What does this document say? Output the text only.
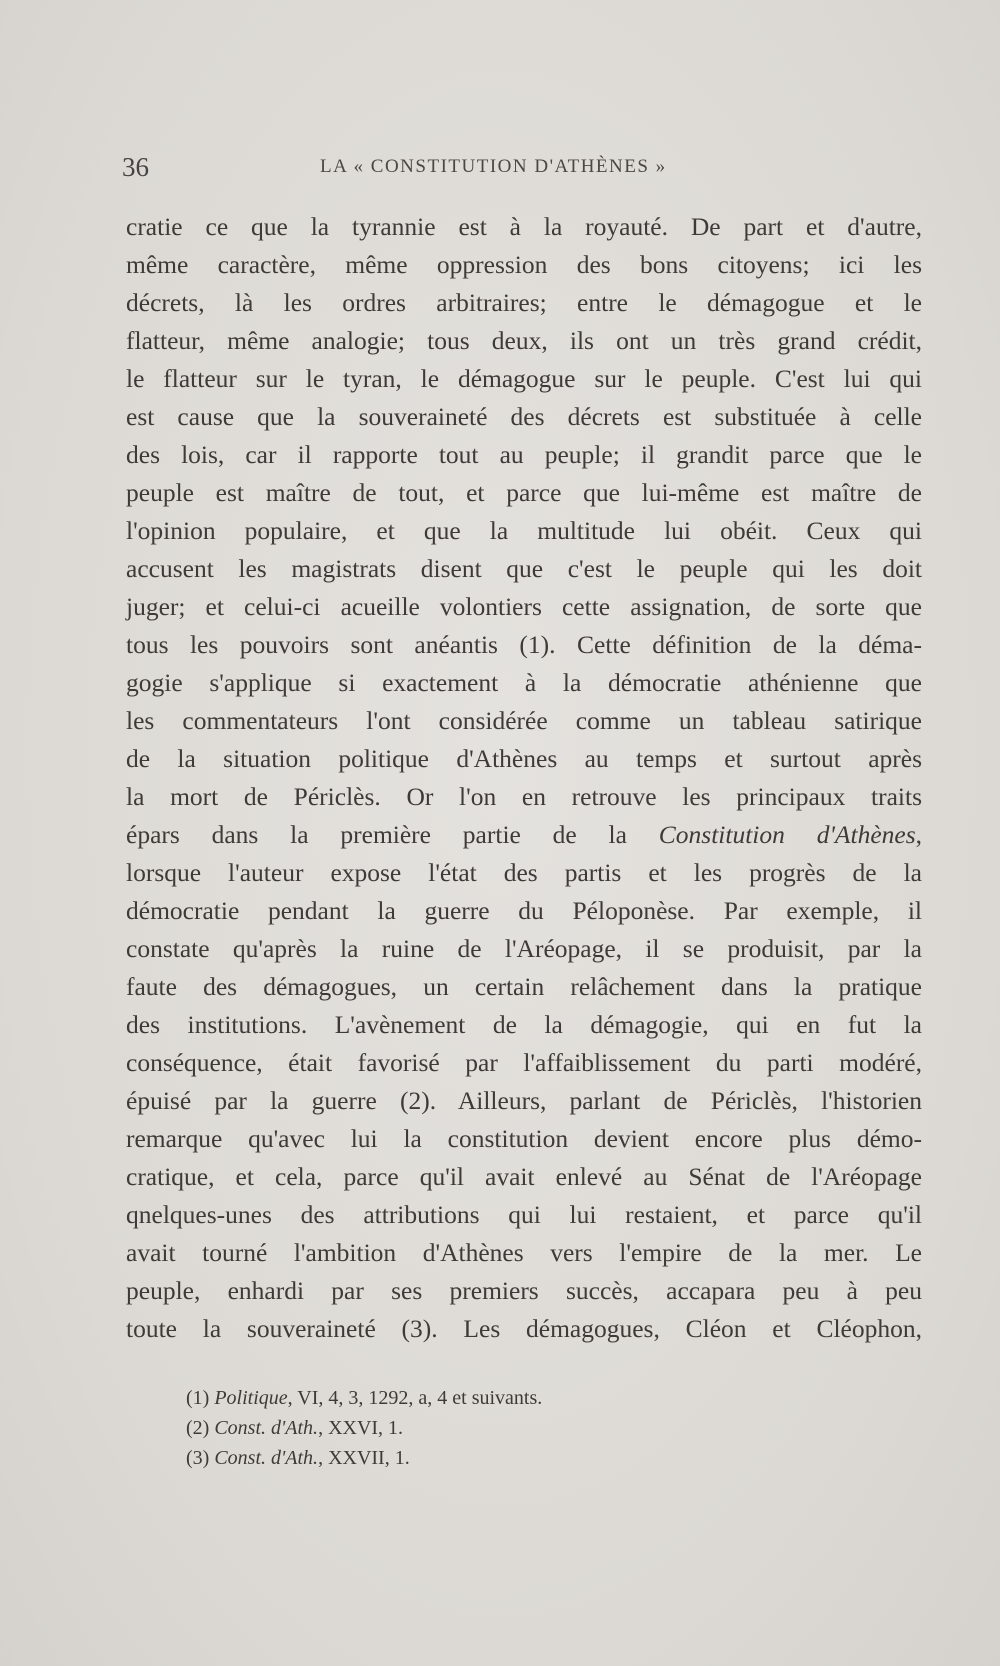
36	LA « CONSTITUTION D'ATHÈNES »
cratie ce que la tyrannie est à la royauté. De part et d'autre,
même caractère, même oppression des bons citoyens; ici les
décrets, là les ordres arbitraires; entre le démagogue et le
flatteur, même analogie; tous deux, ils ont un très grand crédit,
le flatteur sur le tyran, le démagogue sur le peuple. C'est lui qui
est cause que la souveraineté des décrets est substituée à celle
des lois, car il rapporte tout au peuple; il grandit parce que le
peuple est maître de tout, et parce que lui-même est maître de
l'opinion populaire, et que la multitude lui obéit. Ceux qui
accusent les magistrats disent que c'est le peuple qui les doit
juger; et celui-ci acueille volontiers cette assignation, de sorte que
tous les pouvoirs sont anéantis (1). Cette définition de la déma-
gogie s'applique si exactement à la démocratie athénienne que
les commentateurs l'ont considérée comme un tableau satirique
de la situation politique d'Athènes au temps et surtout après
la mort de Périclès. Or l'on en retrouve les principaux traits
épars dans la première partie de la Constitution d'Athènes,
lorsque l'auteur expose l'état des partis et les progrès de la
démocratie pendant la guerre du Péloponèse. Par exemple, il
constate qu'après la ruine de l'Aréopage, il se produisit, par la
faute des démagogues, un certain relâchement dans la pratique
des institutions. L'avènement de la démagogie, qui en fut la
conséquence, était favorisé par l'affaiblissement du parti modéré,
épuisé par la guerre (2). Ailleurs, parlant de Périclès, l'historien
remarque qu'avec lui la constitution devient encore plus démo-
cratique, et cela, parce qu'il avait enlevé au Sénat de l'Aréopage
qnelques-unes des attributions qui lui restaient, et parce qu'il
avait tourné l'ambition d'Athènes vers l'empire de la mer. Le
peuple, enhardi par ses premiers succès, accapara peu à peu
toute la souveraineté (3). Les démagogues, Cléon et Cléophon,
(1) Politique, VI, 4, 3, 1292, a, 4 et suivants.
(2) Const. d'Ath., XXVI, 1.
(3) Const. d'Ath., XXVII, 1.
